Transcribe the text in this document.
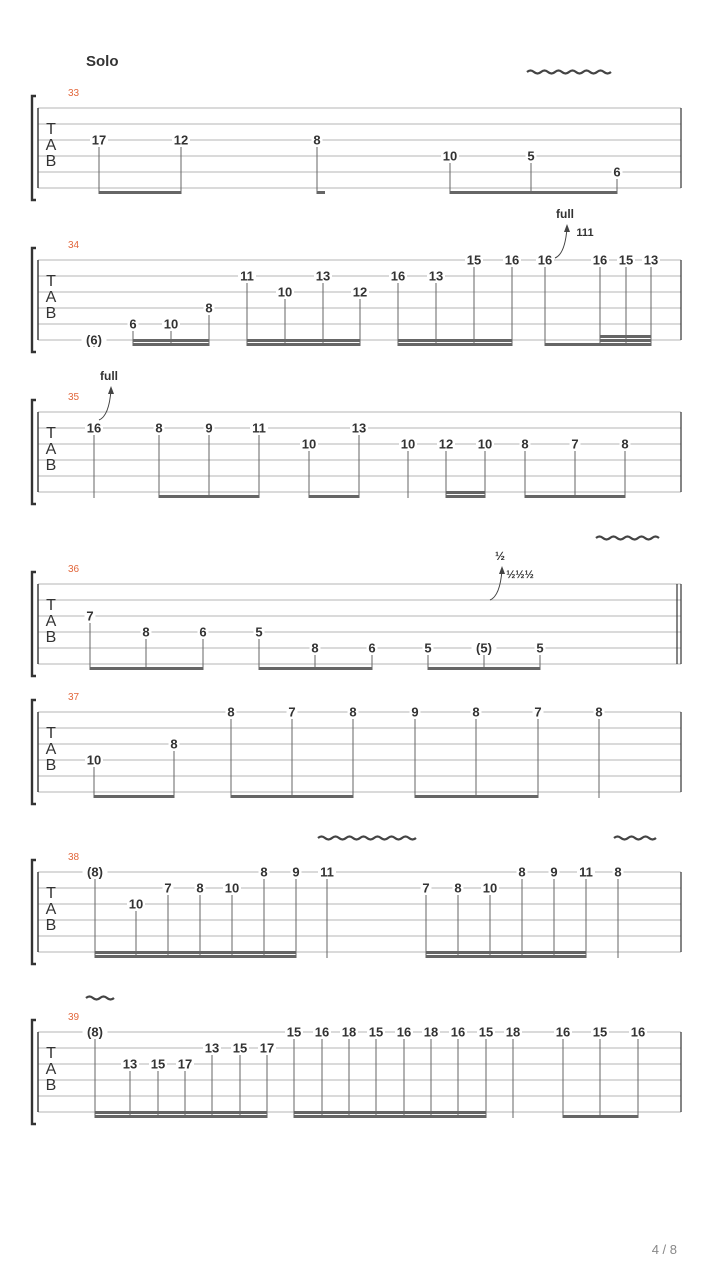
Solo
T
A
B
33
17	12	8
10	5
6
T
A
B
34
(6)
6 10
8
11
10
13
12
16 13
15 16 16	16 15 13
T
A
B
35
16	8	9	11
10
13
10 12 10 8	7	8
T
A
B
36
7
8	6	5
8	6	5	(5)	5
T
A
B
37
10
8
8	7	8	9	8	7	8
T
A
B
38
(8)
10
7 8 10
8 9 11
7 8 10
8 9 11 8
T
A
B
39
(8)
13 15 17
13 15 17
15 16 18 15 16 18 16 15 18	16 15 16
full
111
full
½
½½½
4 / 8
